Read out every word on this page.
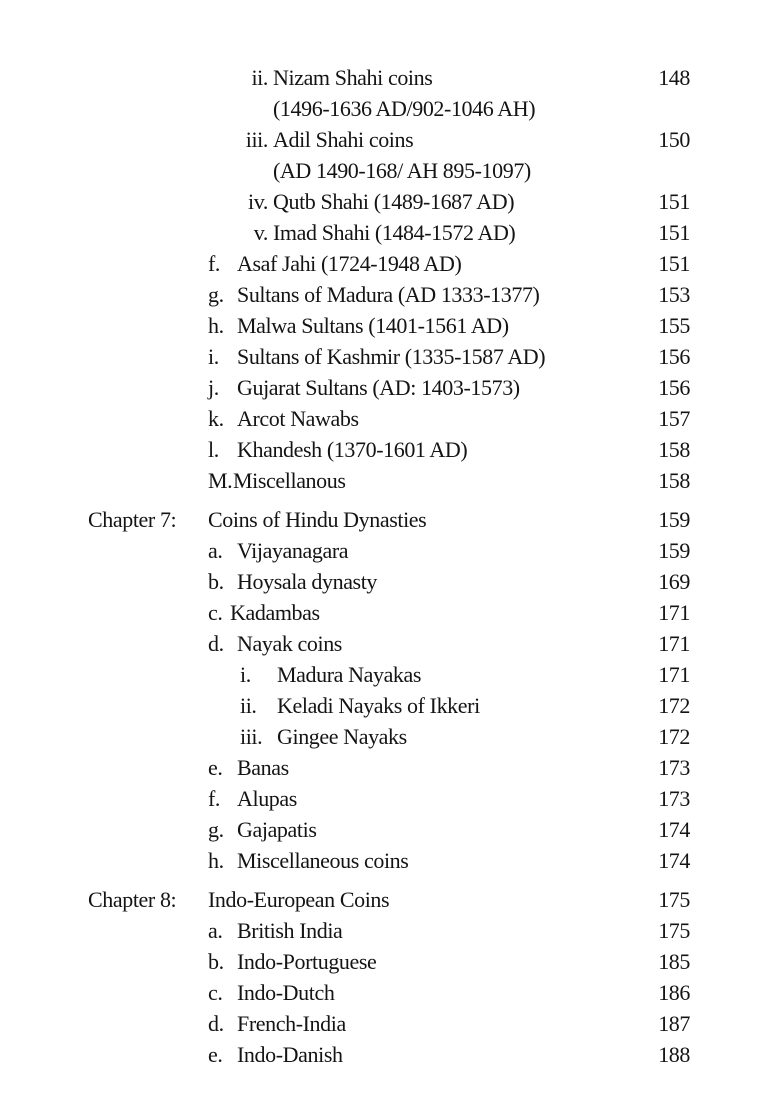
ii. Nizam Shahi coins	148
(1496-1636 AD/902-1046 AH)
iii. Adil Shahi coins	150
(AD 1490-168/ AH 895-1097)
iv. Qutb Shahi (1489-1687 AD)	151
v. Imad Shahi (1484-1572 AD)	151
f. Asaf Jahi (1724-1948 AD)	151
g. Sultans of Madura (AD 1333-1377)	153
h. Malwa Sultans (1401-1561 AD)	155
i. Sultans of Kashmir (1335-1587 AD)	156
j. Gujarat Sultans (AD: 1403-1573)	156
k. Arcot Nawabs	157
l. Khandesh (1370-1601 AD)	158
M. Miscellanous	158
Chapter 7: Coins of Hindu Dynasties	159
a. Vijayanagara	159
b. Hoysala dynasty	169
c. Kadambas	171
d. Nayak coins	171
i. Madura Nayakas	171
ii. Keladi Nayaks of Ikkeri	172
iii. Gingee Nayaks	172
e. Banas	173
f. Alupas	173
g. Gajapatis	174
h. Miscellaneous coins	174
Chapter 8: Indo-European Coins	175
a. British India	175
b. Indo-Portuguese	185
c. Indo-Dutch	186
d. French-India	187
e. Indo-Danish	188
